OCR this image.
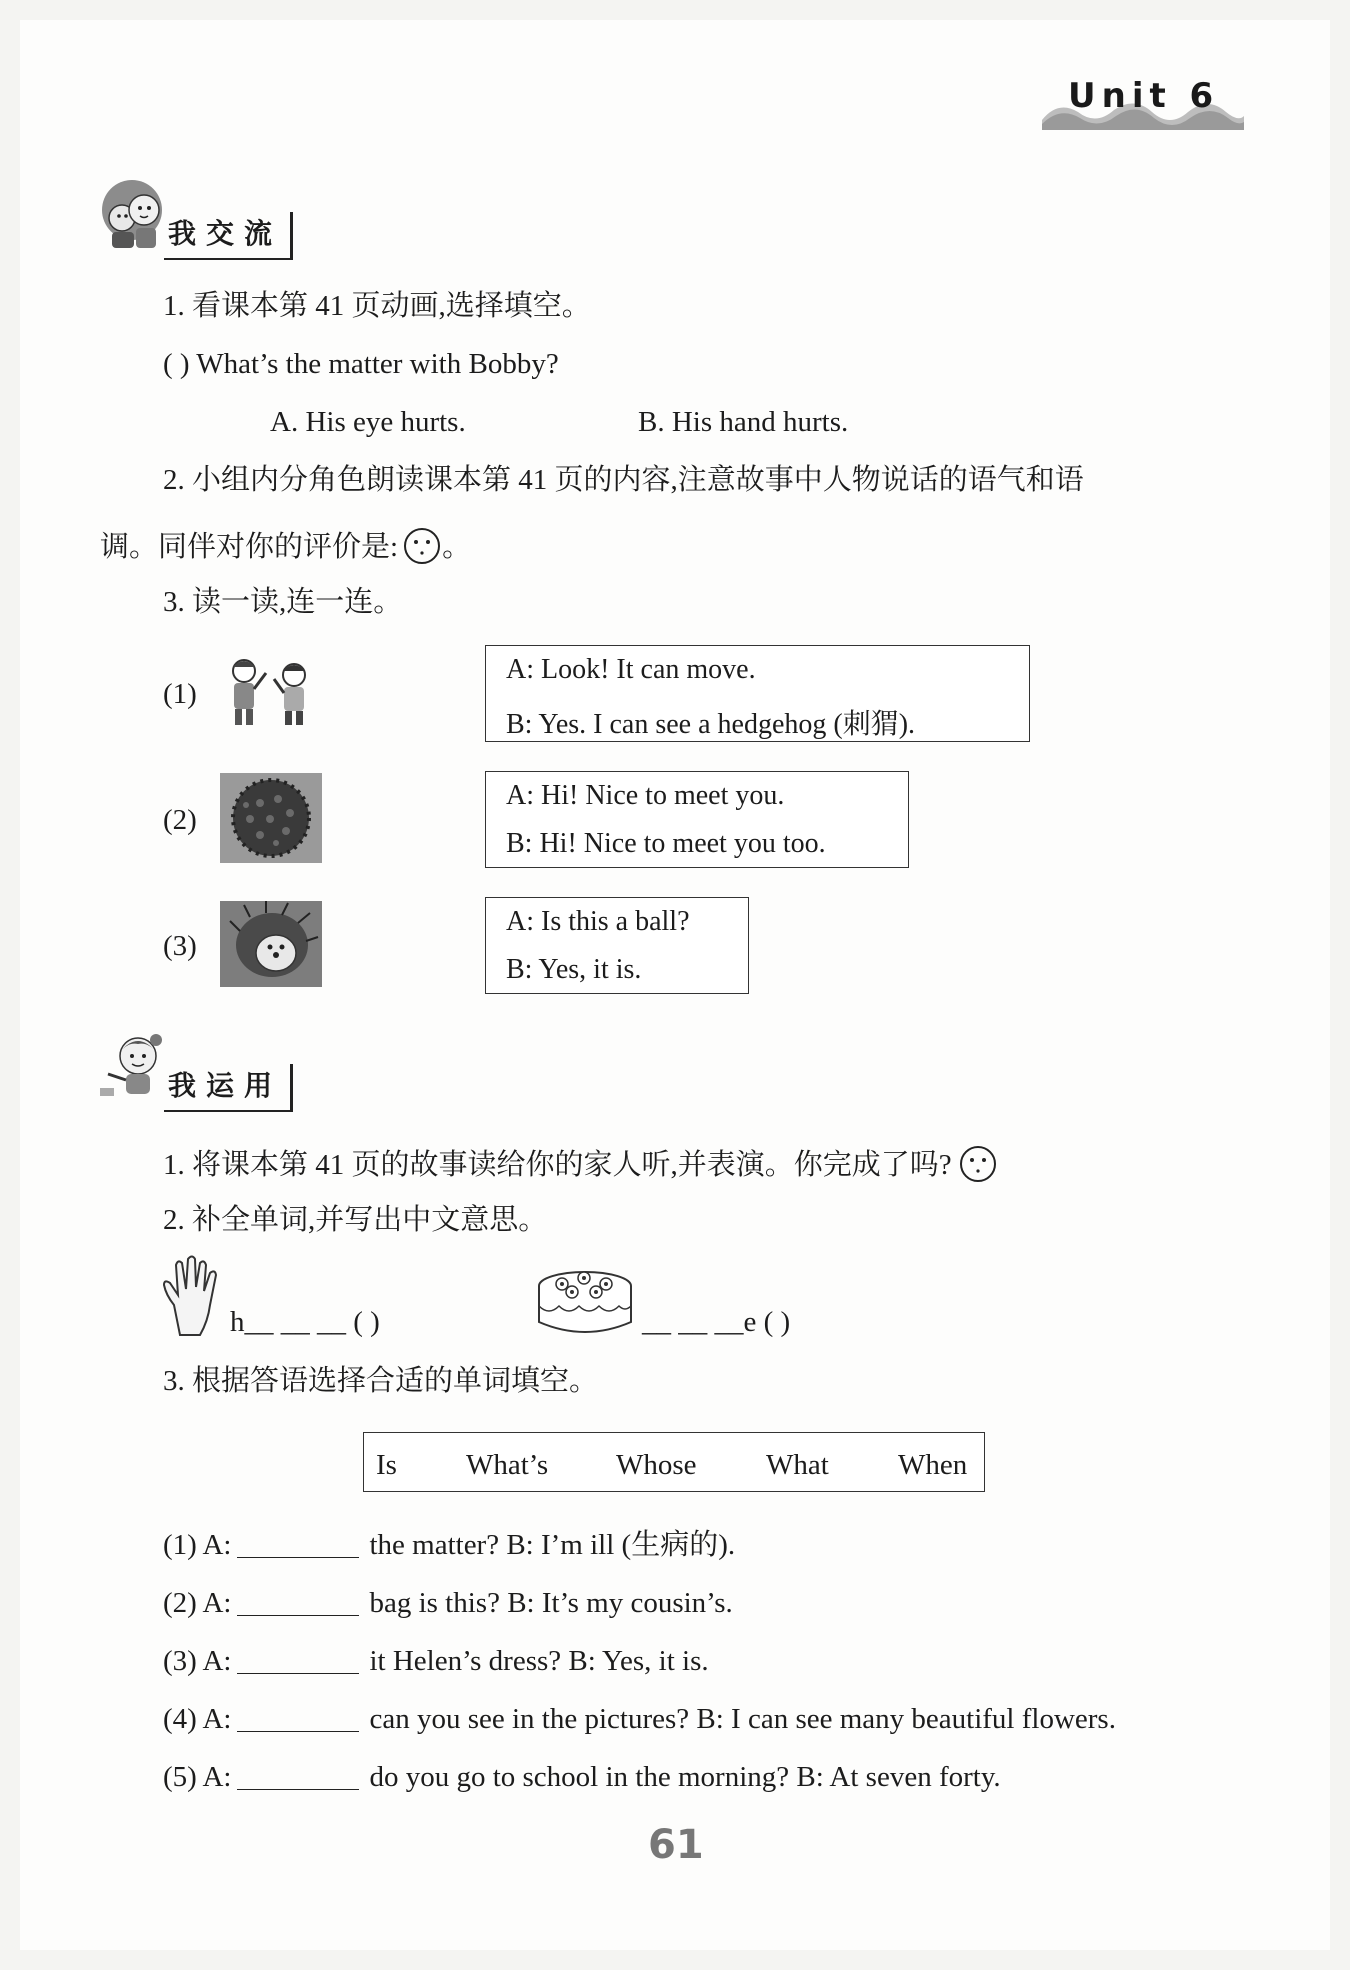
Unit 6
我交流
1. 看课本第 41 页动画,选择填空。
( ) What’s the matter with Bobby?
A. His eye hurts.	B. His hand hurts.
2. 小组内分角色朗读课本第 41 页的内容,注意故事中人物说话的语气和语
调。同伴对你的评价是: 。
3. 读一读,连一连。
(1)
A: Look! It can move.
B: Yes. I can see a hedgehog (刺猬).
(2)
A: Hi! Nice to meet you.
B: Hi! Nice to meet you too.
(3)
A: Is this a ball?
B: Yes, it is.
我运用
1. 将课本第 41 页的故事读给你的家人听,并表演。你完成了吗?
2. 补全单词,并写出中文意思。
h__ __ __ ( )	__ __ __e ( )
3. 根据答语选择合适的单词填空。
Is What’s Whose What When
(1) A:	the matter? B: I’m ill (生病的).
(2) A:	bag is this? B: It’s my cousin’s.
(3) A:	it Helen’s dress? B: Yes, it is.
(4) A:	can you see in the pictures? B: I can see many beautiful flowers.
(5) A:	do you go to school in the morning? B: At seven forty.
61
